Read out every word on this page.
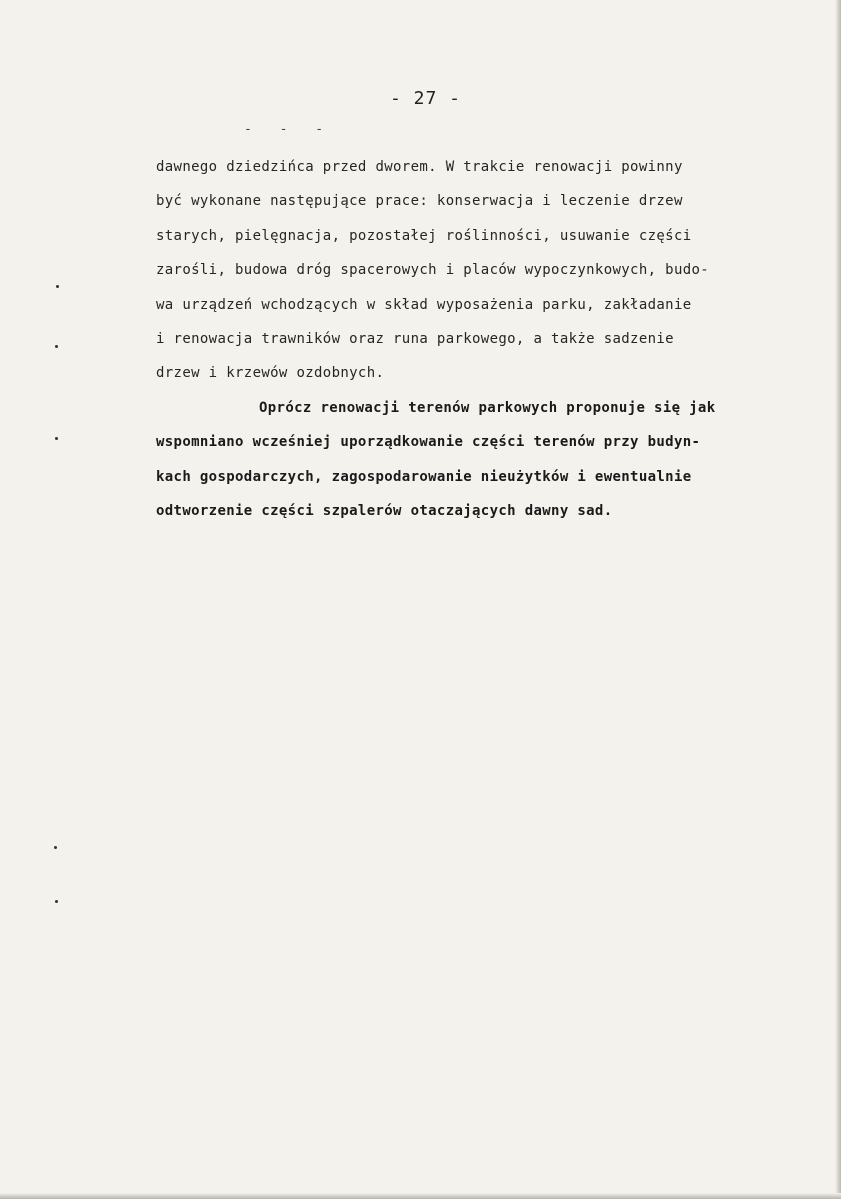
- 27 -
- - -
dawnego dziedzińca przed dworem. W trakcie renowacji powinny
być wykonane następujące prace: konserwacja i leczenie drzew
starych, pielęgnacja, pozostałej roślinności, usuwanie części
zarośli, budowa dróg spacerowych i placów wypoczynkowych, budo-
wa urządzeń wchodzących w skład wyposażenia parku, zakładanie
i renowacja trawników oraz runa parkowego, a także sadzenie
drzew i krzewów ozdobnych.
Oprócz renowacji terenów parkowych proponuje się jak
wspomniano wcześniej uporządkowanie części terenów przy budyn-
kach gospodarczych, zagospodarowanie nieużytków i ewentualnie
odtworzenie części szpalerów otaczających dawny sad.
